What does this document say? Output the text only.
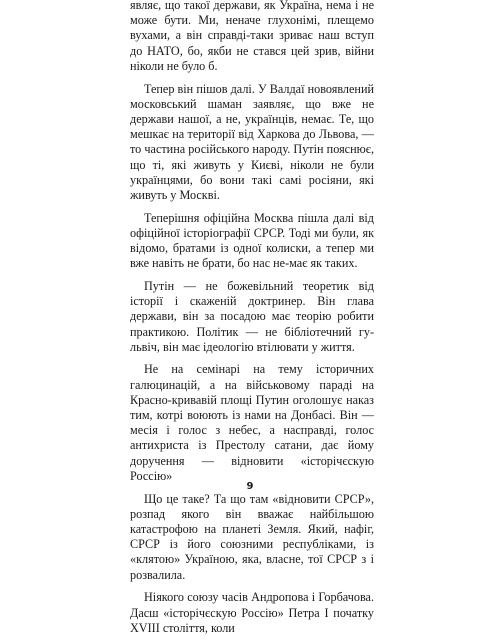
являє, що такої держави, як Україна, нема і не може бути. Ми, неначе глухонімі, плещемо вухами, а він справді-таки зриває наш вступ до НАТО, бо, якби не стався цей зрив, війни ніколи не було б.

Тепер він пішов далі. У Валдаї новоявлений московський шаман заявляє, що вже не держави нашої, а не, українців, немає. Те, що мешкає на території від Харкова до Львова, — то частина російського народу. Путін пояснює, що ті, які живуть у Києві, ніколи не були українцями, бо вони такі самі росіяни, які живуть у Москві.

Теперішня офіційна Москва пішла далі від офіційної історіографії СРСР. Тоді ми були, як відомо, братами із одної колиски, а тепер ми вже навіть не брати, бо нас не-має як таких.

Путін — не божевільний теоретик від історії і скаженій доктринер. Він глава держави, він за посадою має теорію робити практикою. Політик — не бібліотечний гу-львіч, він має ідеологію втілювати у життя.

Не на семінарі на тему історичних галюцинацій, а на військовому параді на Красно-кривавій площі Путин оголошує наказ тим, котрі воюють із нами на Донбасі. Він — месія і голос з небес, а насправді, голос антихриста із Престолу сатани, дає йому доручення — відновити «історічєскую Россію»

Що це таке? Та що там «відновити СРСР», розпад якого він вважає найбільшою катастрофою на планеті Земля. Який, нафіг, СРСР із його союзними республіками, із «клятою» Україною, яка, власне, тої СРСР з і розвалила.

Ніякого союзу часів Андропова і Горбачова. Дасш «історічєскую Россію» Петра І початку XVIII століття, коли

9
